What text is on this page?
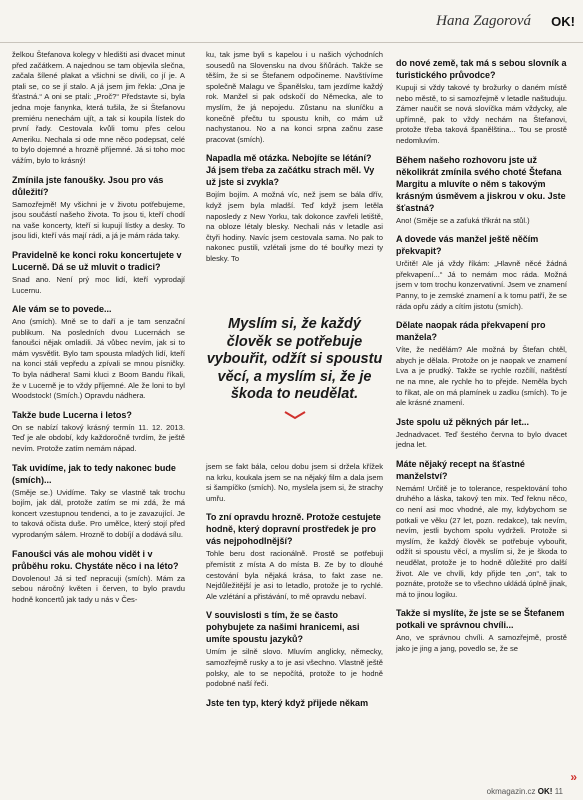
Hana Zagorová OK!

želkou Štefanova kolegy v hledišti asi dvacet minut před začátkem. A najednou se tam objevila slečna, začala šílené plakat a všichni se divili, co jí je. A ptali se, co se jí stalo. A já jsem jim řekla: „Ona je šťastná.“ A oni se ptali: „Proč?“ Představte si, byla jedna moje fanynka, která tušila, že si Štefanovu premiéru nenechám ujít, a tak si koupila lístek do první řady. Cestovala kvůli tomu přes celou Ameriku. Nechala si ode mne něco podepsat, celé to bylo dojemné a hrozně příjemné. Já si toho moc vážím, bylo to krásný!

Zmínila jste fanoušky. Jsou pro vás důležití?

Samozřejmě! My všichni je v životu potřebujeme, jsou součástí našeho života. To jsou ti, kteří chodí na vaše koncerty, kteří si kupují lístky a desky. To jsou lidi, kteří vás mají rádi, a já je mám ráda taky.

Pravidelně ke konci roku koncertujete v Lucerně. Dá se už mluvit o tradici?

Snad ano. Není prý moc lidí, kteří vyprodají Lucernu.

Ale vám se to povede...

Ano (smích). Mně se to daří a je tam senzační publikum. Na posledních dvou Lucernách se fanoušci nějak omladili. Já vůbec nevím, jak si to mám vysvětlit. Bylo tam spousta mladých lidí, kteří na konci stáli vepředu a zpívali se mnou písničky. To byla nádhera! Sami kluci z Boom Bandu říkali, že v Lucerně je to vždy příjemné. Ale že loni to byl Woodstock! (Smích.) Opravdu nádhera.

Takže bude Lucerna i letos?

On se nabízí takový krásný termín 11. 12. 2013. Teď je ale období, kdy každoročně tvrdím, že ještě nevím. Protože zatím nemám nápad.

Tak uvidíme, jak to tedy nakonec bude (smích)...

(Směje se.) Uvidíme. Taky se vlastně tak trochu bojím, jak dál, protože zatím se mi zdá, že má koncert vzestupnou tendenci, a to je zavazující. Je to taková očista duše. Pro umělce, který stojí před vyprodaným sálem. Hrozně to dobíjí a dodává sílu.

Fanoušci vás ale mohou vidět i v průběhu roku. Chystáte něco i na léto?

Dovolenou! Já si teď nepracuji (smích). Mám za sebou náročný květen i červen, to bylo pravdu hodně koncertů jak tady u nás v Čes-

ku, tak jsme byli s kapelou i u našich východních sousedů na Slovensku na dvou šňůrách. Takže se těším, že si se Štefanem odpočineme. Navštívíme společně Malagu ve Španělsku, tam jezdíme každý rok. Manžel si pak odskočí do Německa, ale to myslím, že já nepojedu. Zůstanu na sluníčku a konečně přečtu tu spoustu knih, co mám už nachystanou. No a na konci srpna začnu zase pracovat (smích).

Napadla mě otázka. Nebojíte se létání? Já jsem třeba za začátku strach měl. Vy už jste si zvykla?

Bojím bojím. A možná víc, než jsem se bála dřív, když jsem byla mladší. Teď když jsem letěla naposledy z New Yorku, tak dokonce zavřeli letiště, na obloze létaly blesky. Nechali nás v letadle asi čtyři hodiny. Navíc jsem cestovala sama. No pak to nakonec pustili, vzlétali jsme do té bouřky mezi ty blesky. To

Myslím si, že každý člověk se potřebuje vybouřit, odžít si spoustu věcí, a myslím si, že je škoda to neudělat.

jsem se fakt bála, celou dobu jsem si držela křížek na krku, koukala jsem se na nějaký film a dala jsem si šampíčko (smích). No, myslela jsem si, že strachy umřu.

To zní opravdu hrozně. Protože cestujete hodně, který dopravní prostředek je pro vás nejpohodlnější?

Tohle beru dost racionálně. Prostě se potřebuji přemístit z místa A do místa B. Ze by to dlouhé cestování byla nějaká krása, to fakt zase ne. Nejdůležitější je asi to letadlo, protože je to rychlé. Ale vzlétání a přistávání, to mě opravdu nebaví.

V souvislosti s tím, že se často pohybujete za našimi hranicemi, asi umíte spoustu jazyků?

Umím je silně slovo. Mluvím anglicky, německy, samozřejmě rusky a to je asi všechno. Vlastně ještě polsky, ale to se nepočítá, protože to je hodně podobné naší řeči.

Jste ten typ, který když přijede někam

do nové země, tak má s sebou slovník a turistického průvodce?

Kupuji si vždy takové ty brožurky o daném místě nebo městě, to si samozřejmě v letadle naštuduju. Zámer naučit se nová slovíčka mám vždycky, ale upřímně, pak to vždy nechám na Štefanovi, protože třeba taková španělština... Tou se prostě nedomluvím.

Během našeho rozhovoru jste už několikrát zmínila svého choté Štefana Margitu a mluvíte o něm s takovým krásným úsměvem a jiskrou v oku. Jste šťastná?

Ano! (Směje se a zaťuká třikrát na stůl.)

A dovede vás manžel ještě něčím překvapit?

Určitě! Ale já vždy říkám: „Hlavně něcé žádná překvapení...“ Já to nemám moc ráda. Možná jsem v tom trochu konzervativní. Jsem ve znamení Panny, to je zemské znamení a k tomu patří, že se ráda opřu zády a cítím jistotu (smích).

Dělate naopak ráda překvapení pro manžela?

Víte, že nedělám? Ale možná by Štefan chtěl, abych je dělala. Protože on je naopak ve znamení Lva a je prudký. Takže se rychle rozčílí, naštěstí ne na mne, ale rychle ho to přejde. Neměla bych to říkat, ale on má plamínek u zadku (smích). To je ale krásné znamení.

Jste spolu už pěkných pár let...

Jednadvacet. Teď šestého června to bylo dvacet jedna let.

Máte nějaký recept na šťastné manželství?

Nemám! Určitě je to tolerance, respektování toho druhého a láska, takový ten mix. Teď řeknu něco, co není asi moc vhodné, ale my, kdybychom se potkali ve věku (27 let, pozn. redakce), tak nevím, nevím, jestli bychom spolu vydrželi. Protože si myslím, že každý člověk se potřebuje vybouřit, odžít si spoustu věcí, a myslím si, že je škoda to neudělat, protože je to hodně důležité pro další život. Ale ve chvíli, kdy přijde ten „on“, tak to poznáte, protože se to všechno ukládá úplně jinak, má to jinou logiku.

Takže si myslíte, že jste se se Štefanem potkali ve správnou chvíli...

Ano, ve správnou chvíli. A samozřejmě, prostě jako je jing a jang, povedlo se, že se

okmagazin.cz OK! 11
»
